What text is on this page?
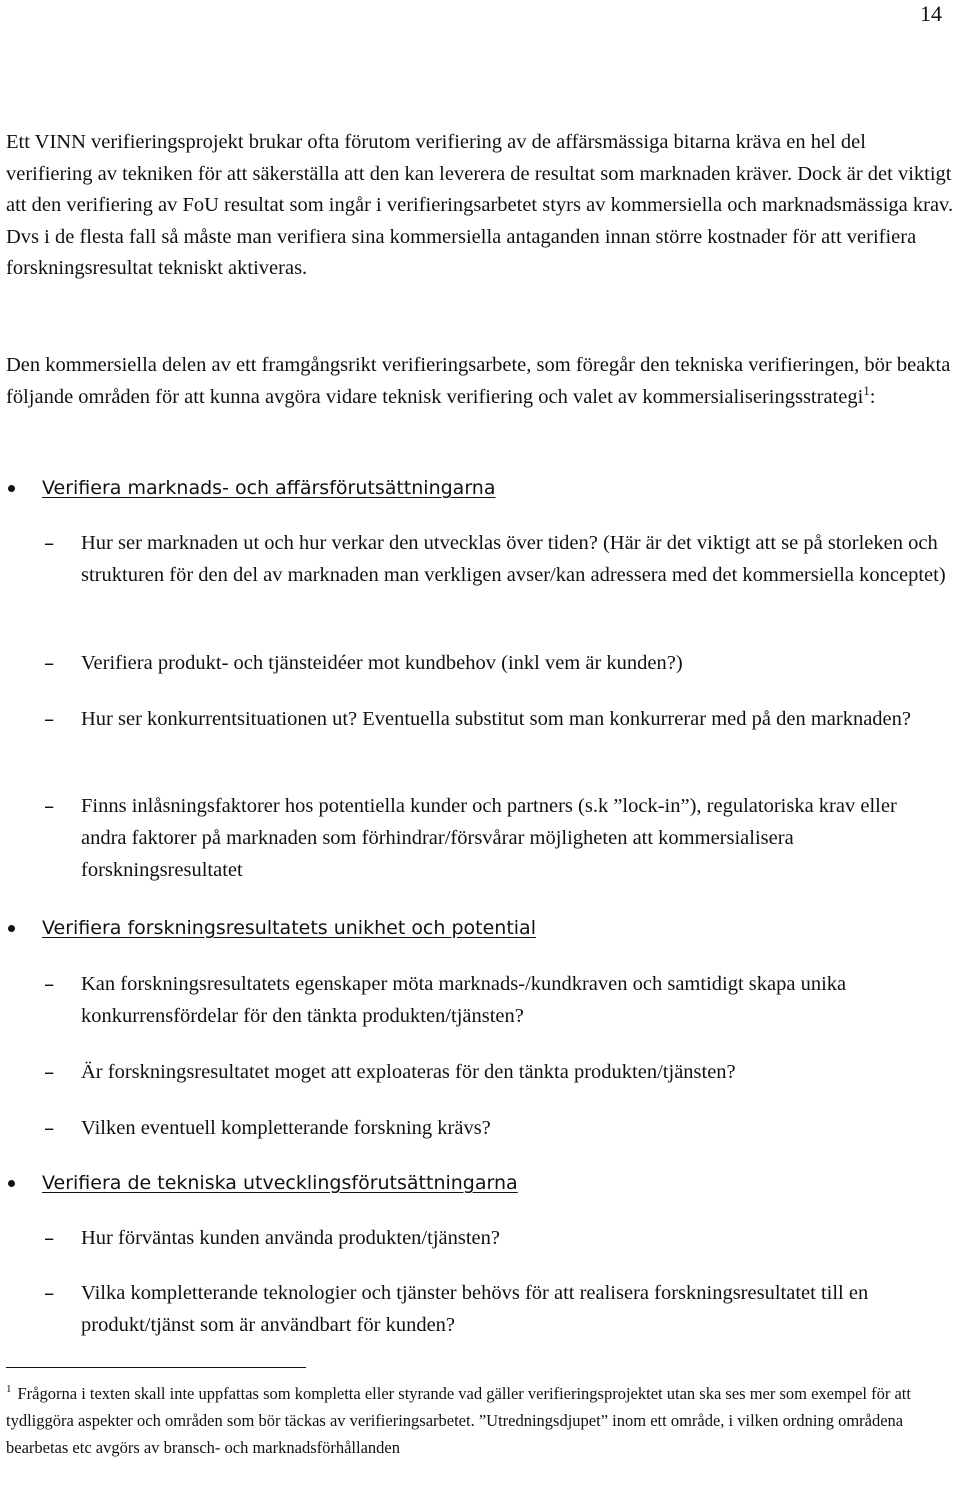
14
Ett VINN verifieringsprojekt brukar ofta förutom verifiering av de affärsmässiga bitarna kräva en hel del verifiering av tekniken för att säkerställa att den kan leverera de resultat som marknaden kräver. Dock är det viktigt att den verifiering av FoU resultat som ingår i verifieringsarbetet styrs av kommersiella och marknadsmässiga krav. Dvs i de flesta fall så måste man verifiera sina kommersiella antaganden innan större kostnader för att verifiera forskningsresultat tekniskt aktiveras.
Den kommersiella delen av ett framgångsrikt verifieringsarbete, som föregår den tekniska verifieringen, bör beakta följande områden för att kunna avgöra vidare teknisk verifiering och valet av kommersialiseringsstrategi$^1$:
Verifiera marknads- och affärsförutsättningarna
– Hur ser marknaden ut och hur verkar den utvecklas över tiden? (Här är det viktigt att se på storleken och strukturen för den del av marknaden man verkligen avser/kan adressera med det kommersiella konceptet)
– Verifiera produkt- och tjänsteidéer mot kundbehov (inkl vem är kunden?)
– Hur ser konkurrentsituationen ut? Eventuella substitut som man konkurrerar med på den marknaden?
– Finns inlåsningsfaktorer hos potentiella kunder och partners (s.k ”lock-in”), regulatoriska krav eller andra faktorer på marknaden som förhindrar/försvårar möjligheten att kommersialisera forskningsresultatet
Verifiera forskningsresultatets unikhet och potential
– Kan forskningsresultatets egenskaper möta marknads-/kundkraven och samtidigt skapa unika konkurrensfördelar för den tänkta produkten/tjänsten?
– Är forskningsresultatet moget att exploateras för den tänkta produkten/tjänsten?
– Vilken eventuell kompletterande forskning krävs?
Verifiera de tekniska utvecklingsförutsättningarna
– Hur förväntas kunden använda produkten/tjänsten?
– Vilka kompletterande teknologier och tjänster behövs för att realisera forskningsresultatet till en produkt/tjänst som är användbart för kunden?
$^1$ Frågorna i texten skall inte uppfattas som kompletta eller styrande vad gäller verifieringsprojektet utan ska ses mer som exempel för att tydliggöra aspekter och områden som bör täckas av verifieringsarbetet. ”Utredningsdjupet” inom ett område, i vilken ordning områdena bearbetas etc avgörs av bransch- och marknadsförhållanden
